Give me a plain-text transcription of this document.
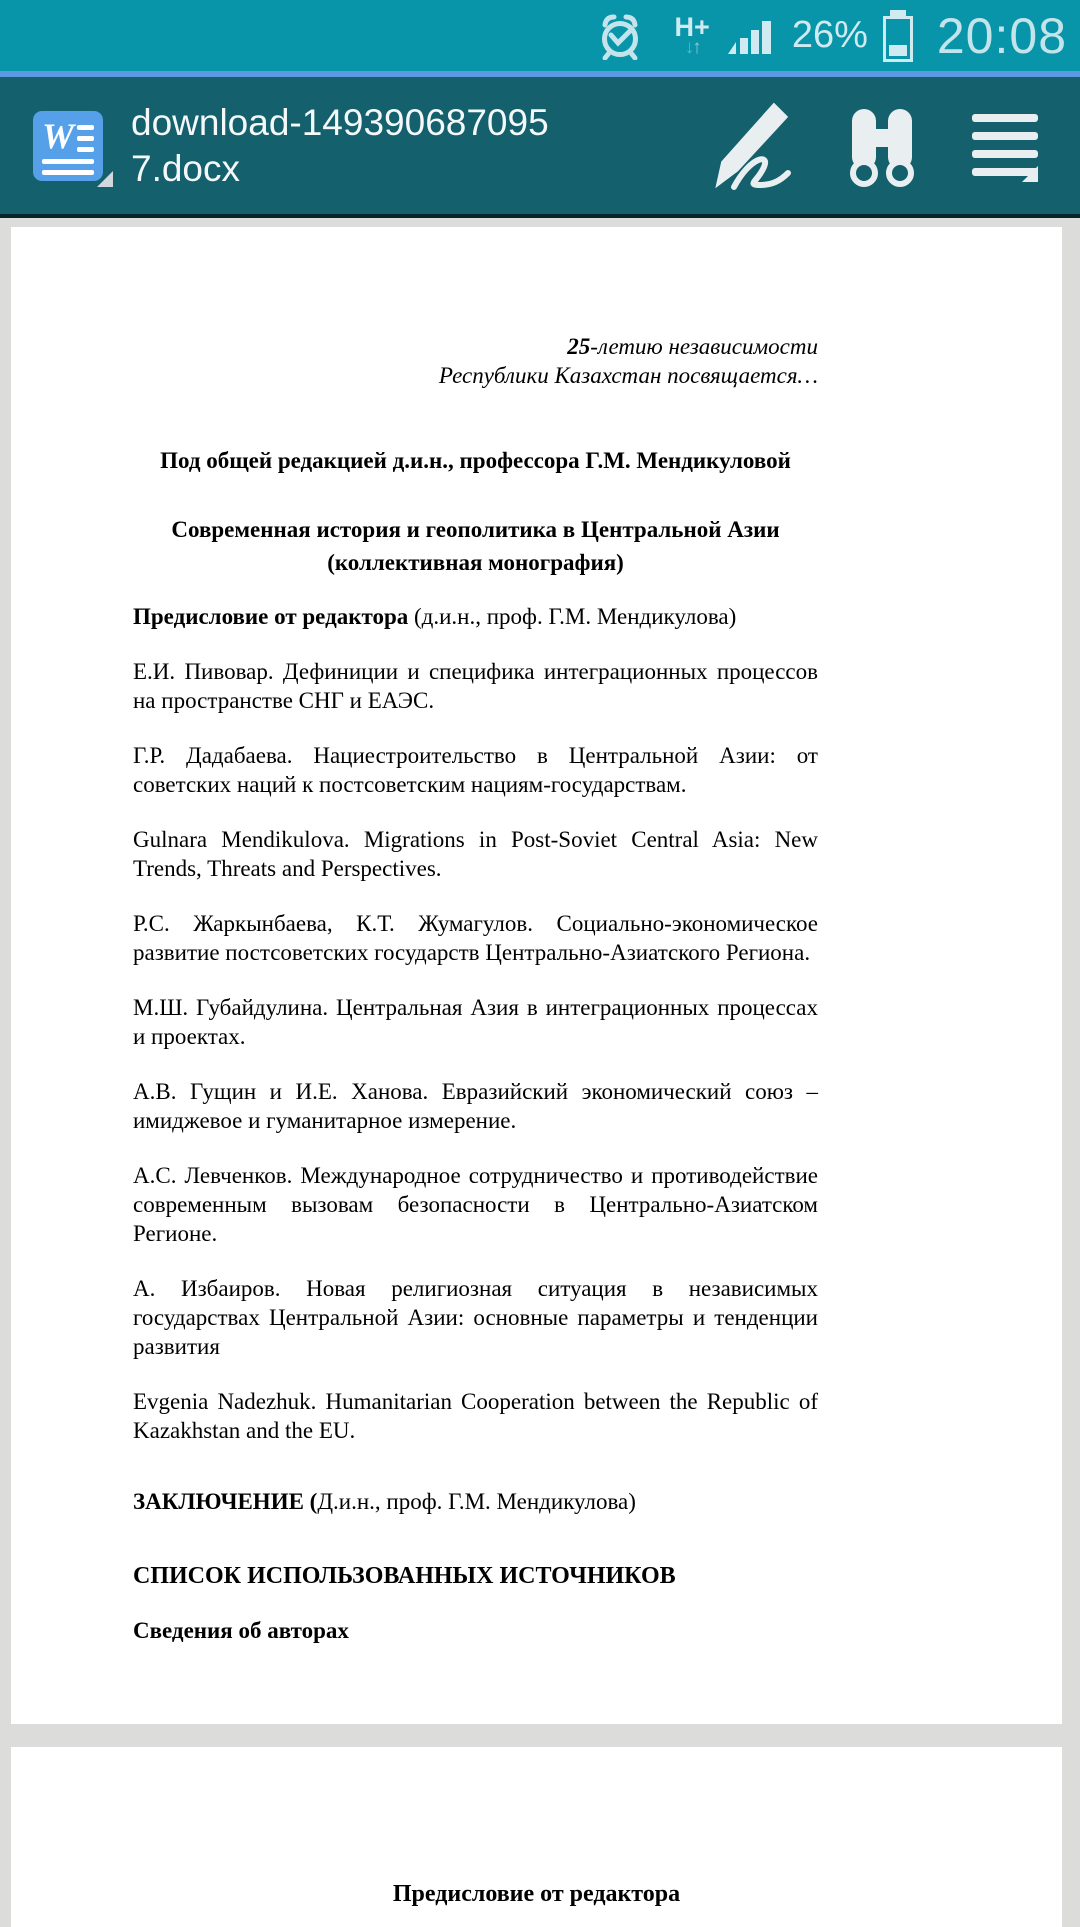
H+
↓↑ 26% 20:08
W download-1493906870957.docx
25-летию независимости
Республики Казахстан посвящается…
Под общей редакцией д.и.н., профессора Г.М. Мендикуловой
Современная история и геополитика в Центральной Азии
(коллективная монография)
Предисловие от редактора (д.и.н., проф. Г.М. Мендикулова)

Е.И. Пивовар. Дефиниции и специфика интеграционных процессов на пространстве СНГ и ЕАЭС.

Г.Р. Дадабаева. Нациестроительство в Центральной Азии: от советских наций к постсоветским нациям-государствам.

Gulnara Mendikulova. Migrations in Post-Soviet Central Asia: New Trends, Threats and Perspectives.

Р.С. Жаркынбаева, К.Т. Жумагулов. Социально-экономическое развитие постсоветских государств Центрально-Азиатского Региона.

М.Ш. Губайдулина. Центральная Азия в интеграционных процессах и проектах.

А.В. Гущин и И.Е. Ханова. Евразийский экономический союз – имиджевое и гуманитарное измерение.

А.С. Левченков. Международное сотрудничество и противодействие современным вызовам безопасности в Центрально-Азиатском Регионе.

А. Избаиров. Новая религиозная ситуация в независимых государствах Центральной Азии: основные параметры и тенденции развития

Evgenia Nadezhuk. Humanitarian Cooperation between the Republic of Kazakhstan and the EU.

ЗАКЛЮЧЕНИЕ (Д.и.н., проф. Г.М. Мендикулова)
СПИСОК ИСПОЛЬЗОВАННЫХ ИСТОЧНИКОВ
Сведения об авторах
Предисловие от редактора
